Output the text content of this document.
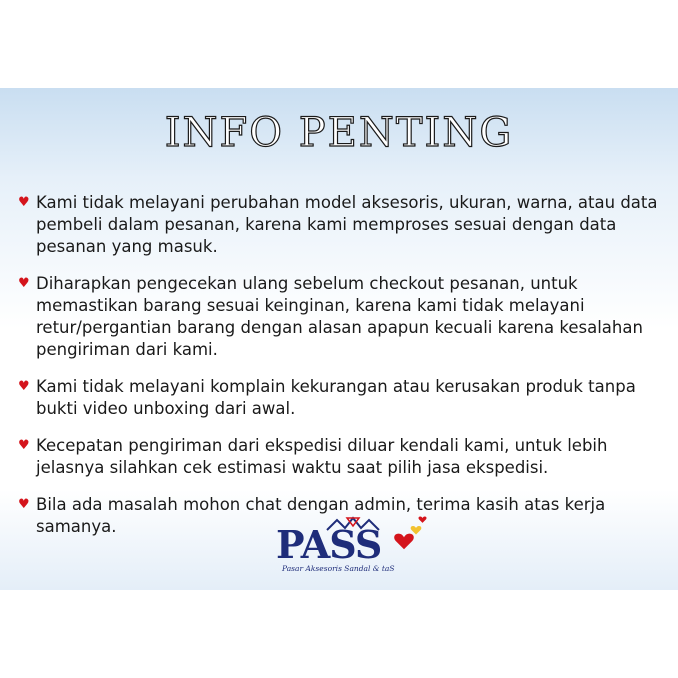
INFO PENTING
♥ Kami tidak melayani perubahan model aksesoris, ukuran, warna, atau data pembeli dalam pesanan, karena kami memproses sesuai dengan data pesanan yang masuk.
♥ Diharapkan pengecekan ulang sebelum checkout pesanan, untuk memastikan barang sesuai keinginan, karena kami tidak melayani retur/pergantian barang dengan alasan apapun kecuali karena kesalahan pengiriman dari kami.
♥ Kami tidak melayani komplain kekurangan atau kerusakan produk tanpa bukti video unboxing dari awal.
♥ Kecepatan pengiriman dari ekspedisi diluar kendali kami, untuk lebih jelasnya silahkan cek estimasi waktu saat pilih jasa ekspedisi.
♥ Bila ada masalah mohon chat dengan admin, terima kasih atas kerja samanya.	PASS
Pasar Aksesoris Sandal & taS
